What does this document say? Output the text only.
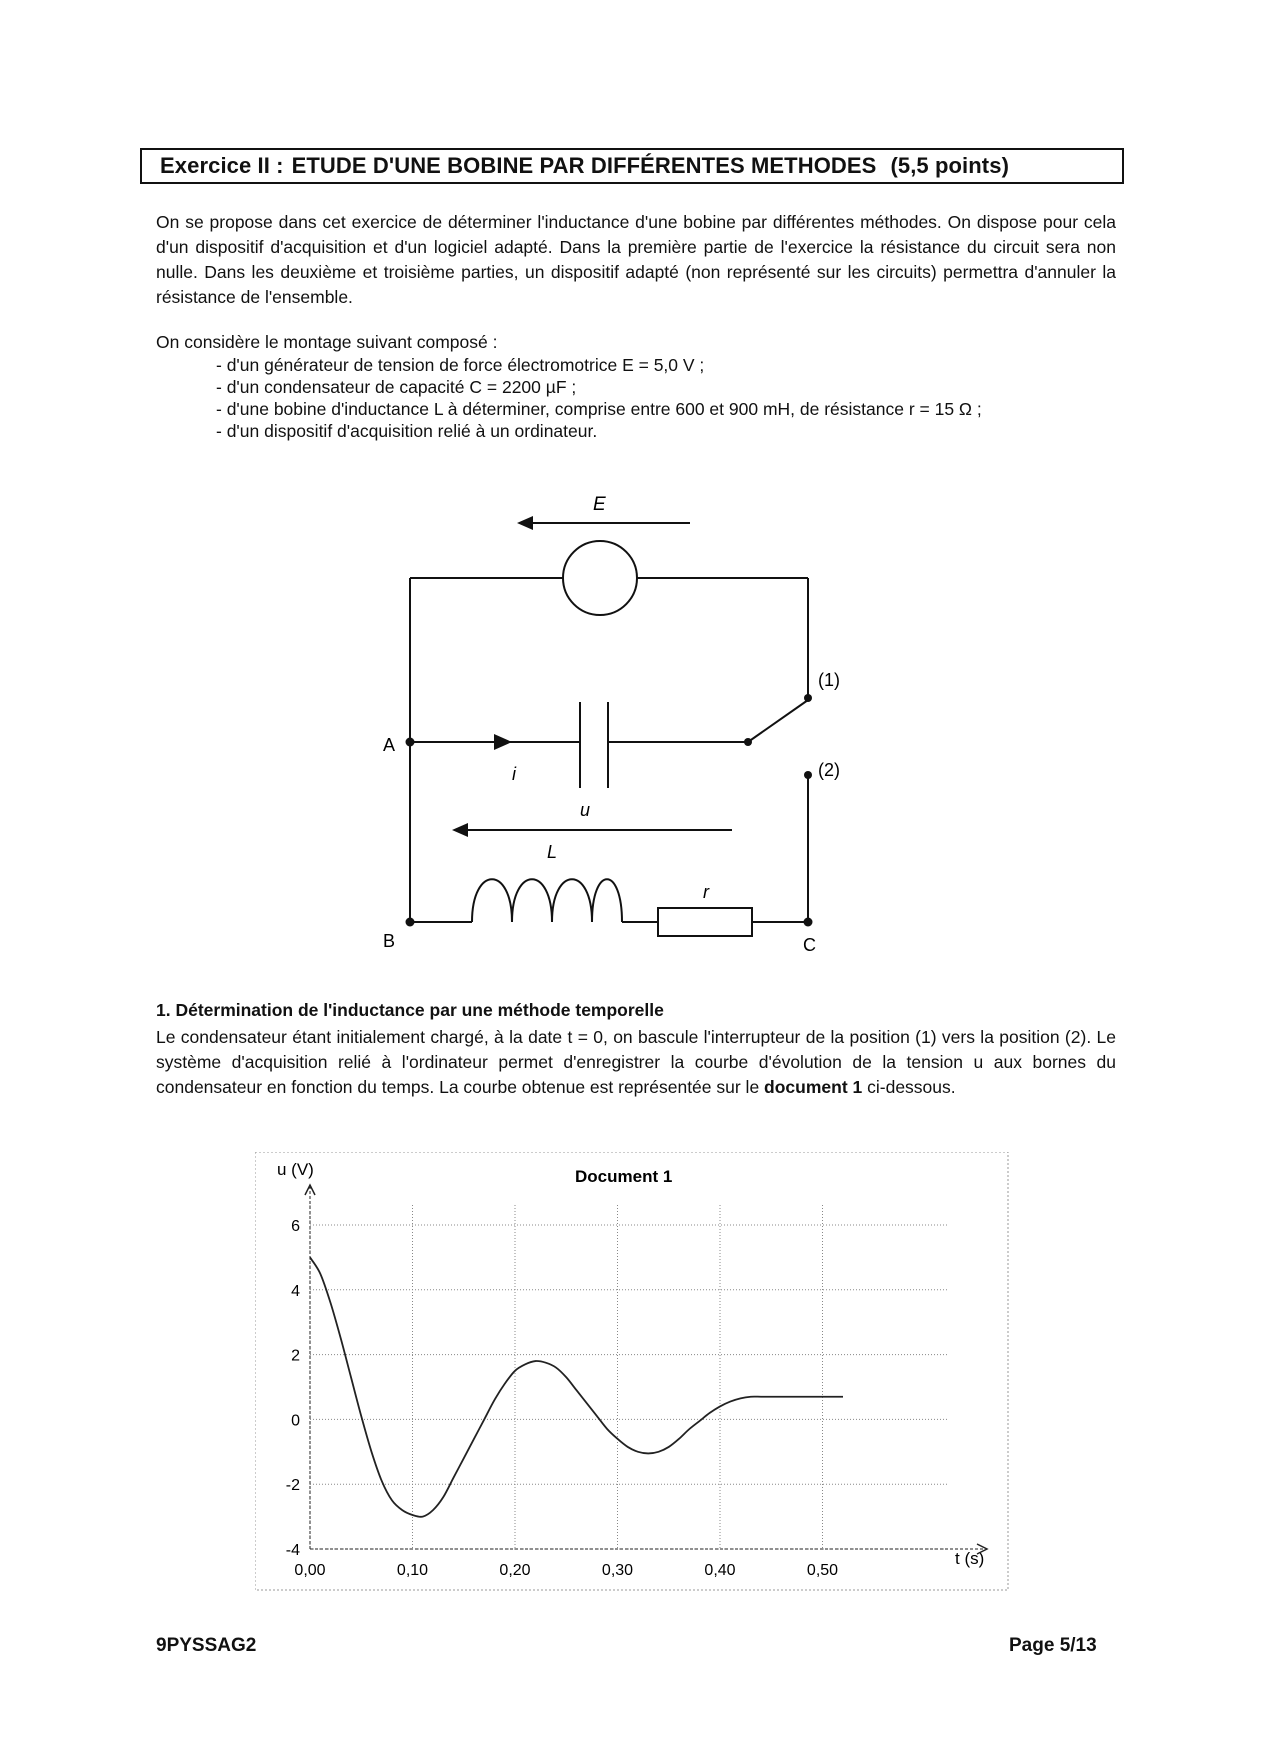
Exercice II : ETUDE D'UNE BOBINE PAR DIFFÉRENTES METHODES (5,5 points)
On se propose dans cet exercice de déterminer l'inductance d'une bobine par différentes méthodes. On dispose pour cela d'un dispositif d'acquisition et d'un logiciel adapté. Dans la première partie de l'exercice la résistance du circuit sera non nulle. Dans les deuxième et troisième parties, un dispositif adapté (non représenté sur les circuits) permettra d'annuler la résistance de l'ensemble.
On considère le montage suivant composé :
- d'un générateur de tension de force électromotrice E = 5,0 V ;
- d'un condensateur de capacité C = 2200 µF ;
- d'une bobine d'inductance L à déterminer, comprise entre 600 et 900 mH, de résistance r = 15 Ω ;
- d'un dispositif d'acquisition relié à un ordinateur.
E
i
u
L
r
A
B	C
(1)
(2)
1. Détermination de l'inductance par une méthode temporelle
Le condensateur étant initialement chargé, à la date t = 0, on bascule l'interrupteur de la position (1) vers la position (2). Le système d'acquisition relié à l'ordinateur permet d'enregistrer la courbe d'évolution de la tension u aux bornes du condensateur en fonction du temps. La courbe obtenue est représentée sur le document 1 ci-dessous.
u (V)	Document 1
t (s)
6
4
2
0
-2
-4
0,00	0,10	0,20	0,30	0,40	0,50
9PYSSAG2	Page 5/13
